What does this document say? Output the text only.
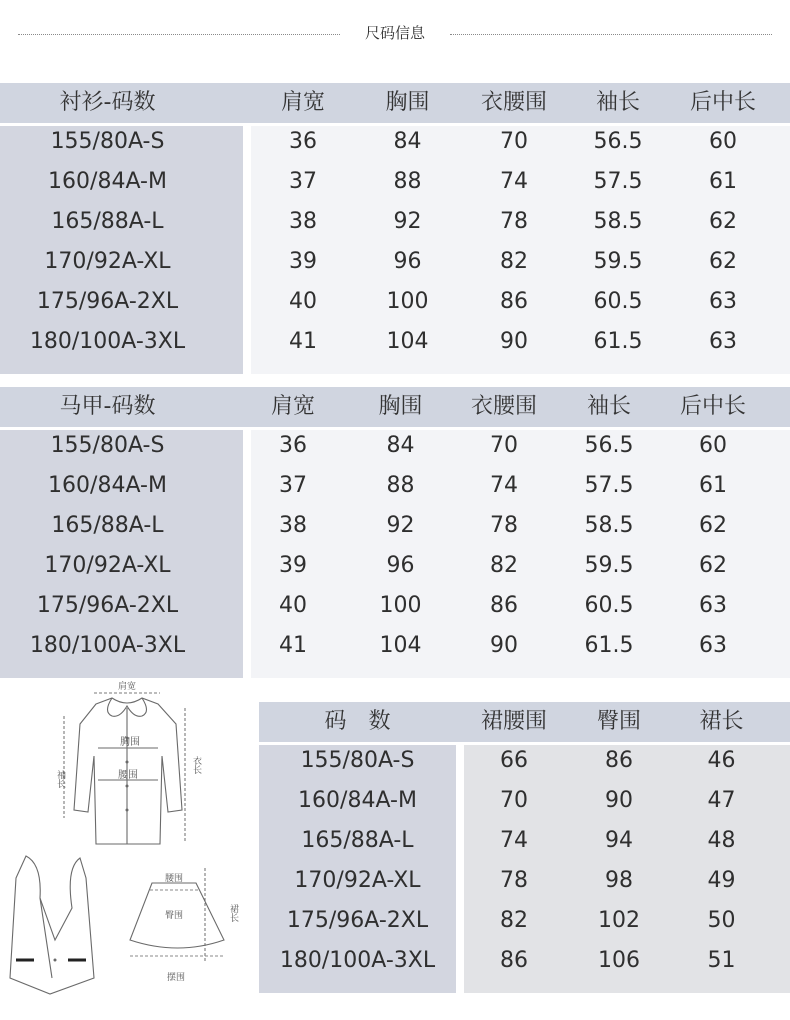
尺码信息
衬衫-码数	肩宽	胸围	衣腰围	袖长	后中长
155/80A-S	36	84	70	56.5	60
160/84A-M	37	88	74	57.5	61
165/88A-L	38	92	78	58.5	62
170/92A-XL	39	96	82	59.5	62
175/96A-2XL	40	100	86	60.5	63
180/100A-3XL	41	104	90	61.5	63
马甲-码数	肩宽	胸围	衣腰围	袖长	后中长
155/80A-S	36	84	70	56.5	60
160/84A-M	37	88	74	57.5	61
165/88A-L	38	92	78	58.5	62
170/92A-XL	39	96	82	59.5	62
175/96A-2XL	40	100	86	60.5	63
180/100A-3XL	41	104	90	61.5	63
肩宽
胸围
腰围
袖长
衣长
腰围
臀围	裙长
摆围
码　数	裙腰围	臀围	裙长
155/80A-S	66	86	46
160/84A-M	70	90	47
165/88A-L	74	94	48
170/92A-XL	78	98	49
175/96A-2XL	82	102	50
180/100A-3XL	86	106	51
